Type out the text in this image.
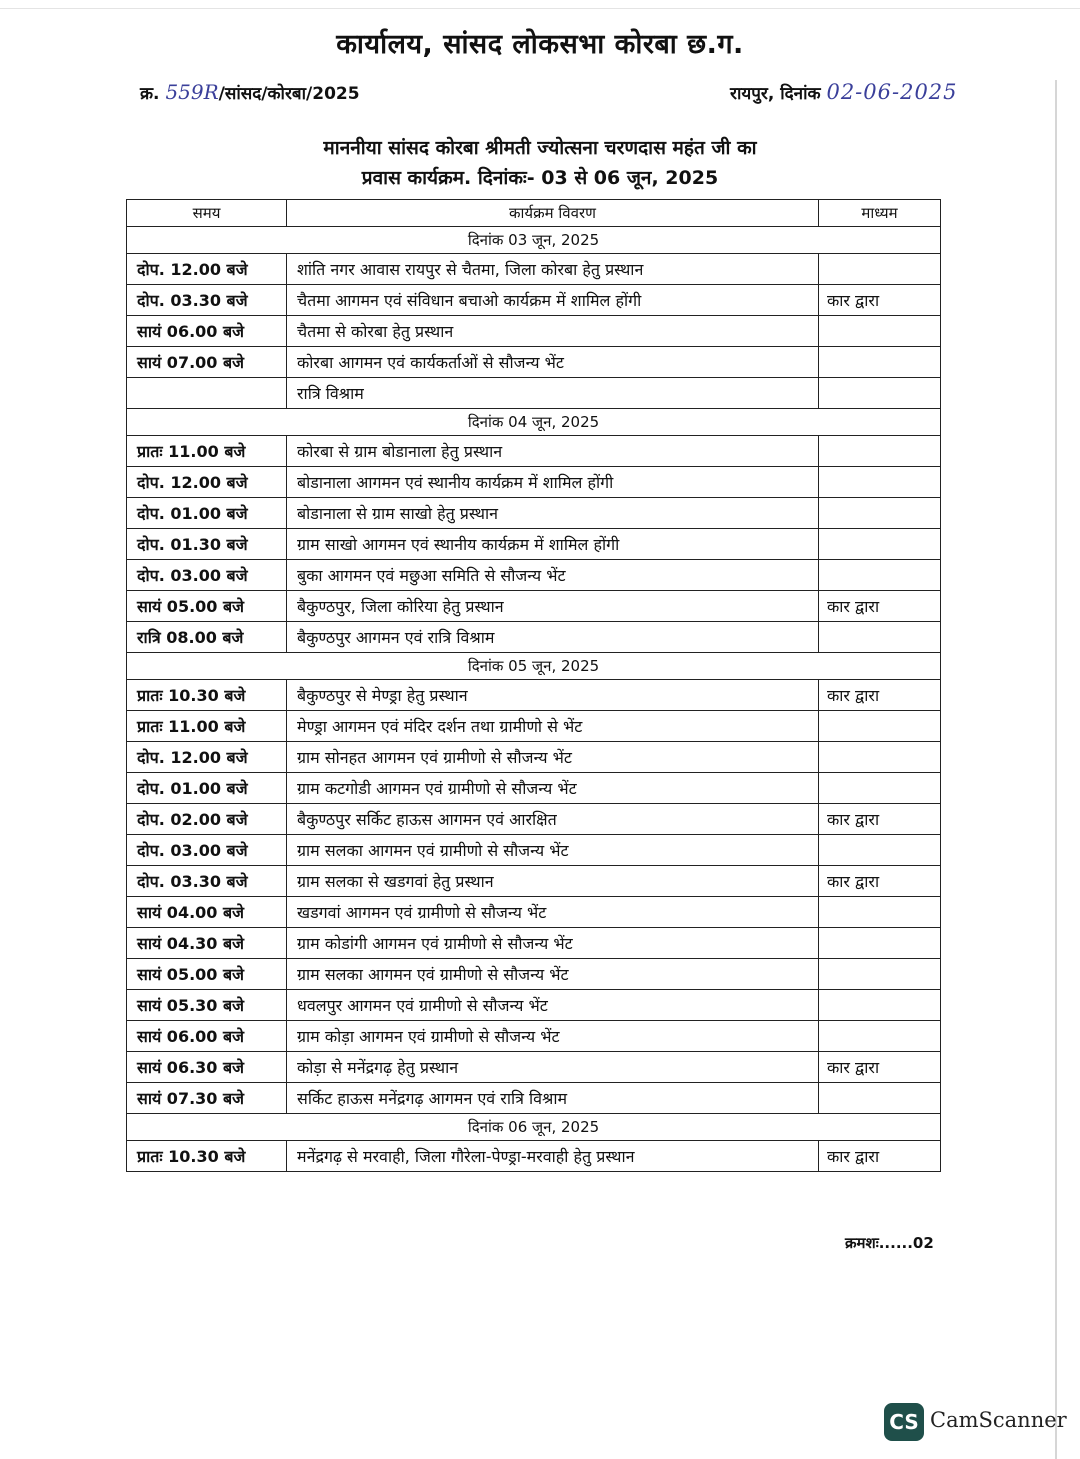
कार्यालय, सांसद लोकसभा कोरबा छ.ग.
क्र. 559R/सांसद/कोरबा/2025	रायपुर, दिनांक 02-06-2025
माननीया सांसद कोरबा श्रीमती ज्योत्सना चरणदास महंत जी का
प्रवास कार्यक्रम. दिनांकः- 03 से 06 जून, 2025
समय	कार्यक्रम विवरण	माध्यम
दिनांक 03 जून, 2025		
दोप. 12.00 बजे	शांति नगर आवास रायपुर से चैतमा, जिला कोरबा हेतु प्रस्थान	
दोप. 03.30 बजे	चैतमा आगमन एवं संविधान बचाओ कार्यक्रम में शामिल होंगी	कार द्वारा
सायं 06.00 बजे	चैतमा से कोरबा हेतु प्रस्थान	
सायं 07.00 बजे	कोरबा आगमन एवं कार्यकर्ताओं से सौजन्य भेंट	
	रात्रि विश्राम	
दिनांक 04 जून, 2025		
प्रातः 11.00 बजे	कोरबा से ग्राम बोडानाला हेतु प्रस्थान	
दोप. 12.00 बजे	बोडानाला आगमन एवं स्थानीय कार्यक्रम में शामिल होंगी	
दोप. 01.00 बजे	बोडानाला से ग्राम साखो हेतु प्रस्थान	
दोप. 01.30 बजे	ग्राम साखो आगमन एवं स्थानीय कार्यक्रम में शामिल होंगी	
दोप. 03.00 बजे	बुका आगमन एवं मछुआ समिति से सौजन्य भेंट	
सायं 05.00 बजे	बैकुण्ठपुर, जिला कोरिया हेतु प्रस्थान	कार द्वारा
रात्रि 08.00 बजे	बैकुण्ठपुर आगमन एवं रात्रि विश्राम	
दिनांक 05 जून, 2025		
प्रातः 10.30 बजे	बैकुण्ठपुर से मेण्ड्रा हेतु प्रस्थान	कार द्वारा
प्रातः 11.00 बजे	मेण्ड्रा आगमन एवं मंदिर दर्शन तथा ग्रामीणो से भेंट	
दोप. 12.00 बजे	ग्राम सोनहत आगमन एवं ग्रामीणो से सौजन्य भेंट	
दोप. 01.00 बजे	ग्राम कटगोडी आगमन एवं ग्रामीणो से सौजन्य भेंट	
दोप. 02.00 बजे	बैकुण्ठपुर सर्किट हाऊस आगमन एवं आरक्षित	कार द्वारा
दोप. 03.00 बजे	ग्राम सलका आगमन एवं ग्रामीणो से सौजन्य भेंट	
दोप. 03.30 बजे	ग्राम सलका से खडगवां हेतु प्रस्थान	कार द्वारा
सायं 04.00 बजे	खडगवां आगमन एवं ग्रामीणो से सौजन्य भेंट	
सायं 04.30 बजे	ग्राम कोडांगी आगमन एवं ग्रामीणो से सौजन्य भेंट	
सायं 05.00 बजे	ग्राम सलका आगमन एवं ग्रामीणो से सौजन्य भेंट	
सायं 05.30 बजे	धवलपुर आगमन एवं ग्रामीणो से सौजन्य भेंट	
सायं 06.00 बजे	ग्राम कोड़ा आगमन एवं ग्रामीणो से सौजन्य भेंट	
सायं 06.30 बजे	कोड़ा से मनेंद्रगढ़ हेतु प्रस्थान	कार द्वारा
सायं 07.30 बजे	सर्किट हाऊस मनेंद्रगढ़ आगमन एवं रात्रि विश्राम	
दिनांक 06 जून, 2025		
प्रातः 10.30 बजे	मनेंद्रगढ़ से मरवाही, जिला गौरेला-पेण्ड्रा-मरवाही हेतु प्रस्थान	कार द्वारा
क्रमशः......02
CS CamScanner
